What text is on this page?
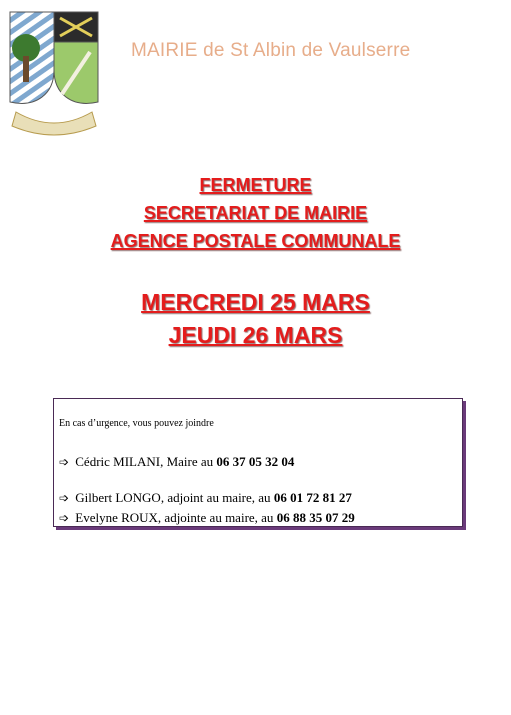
MAIRIE de St Albin de Vaulserre
FERMETURE
SECRETARIAT DE MAIRIE
AGENCE POSTALE COMMUNALE
MERCREDI 25 MARS
JEUDI 26 MARS
En cas d’urgence, vous pouvez joindre
➩ Cédric MILANI, Maire au 06 37 05 32 04
➩ Gilbert LONGO, adjoint au maire, au 06 01 72 81 27
➩ Evelyne ROUX, adjointe au maire, au 06 88 35 07 29
